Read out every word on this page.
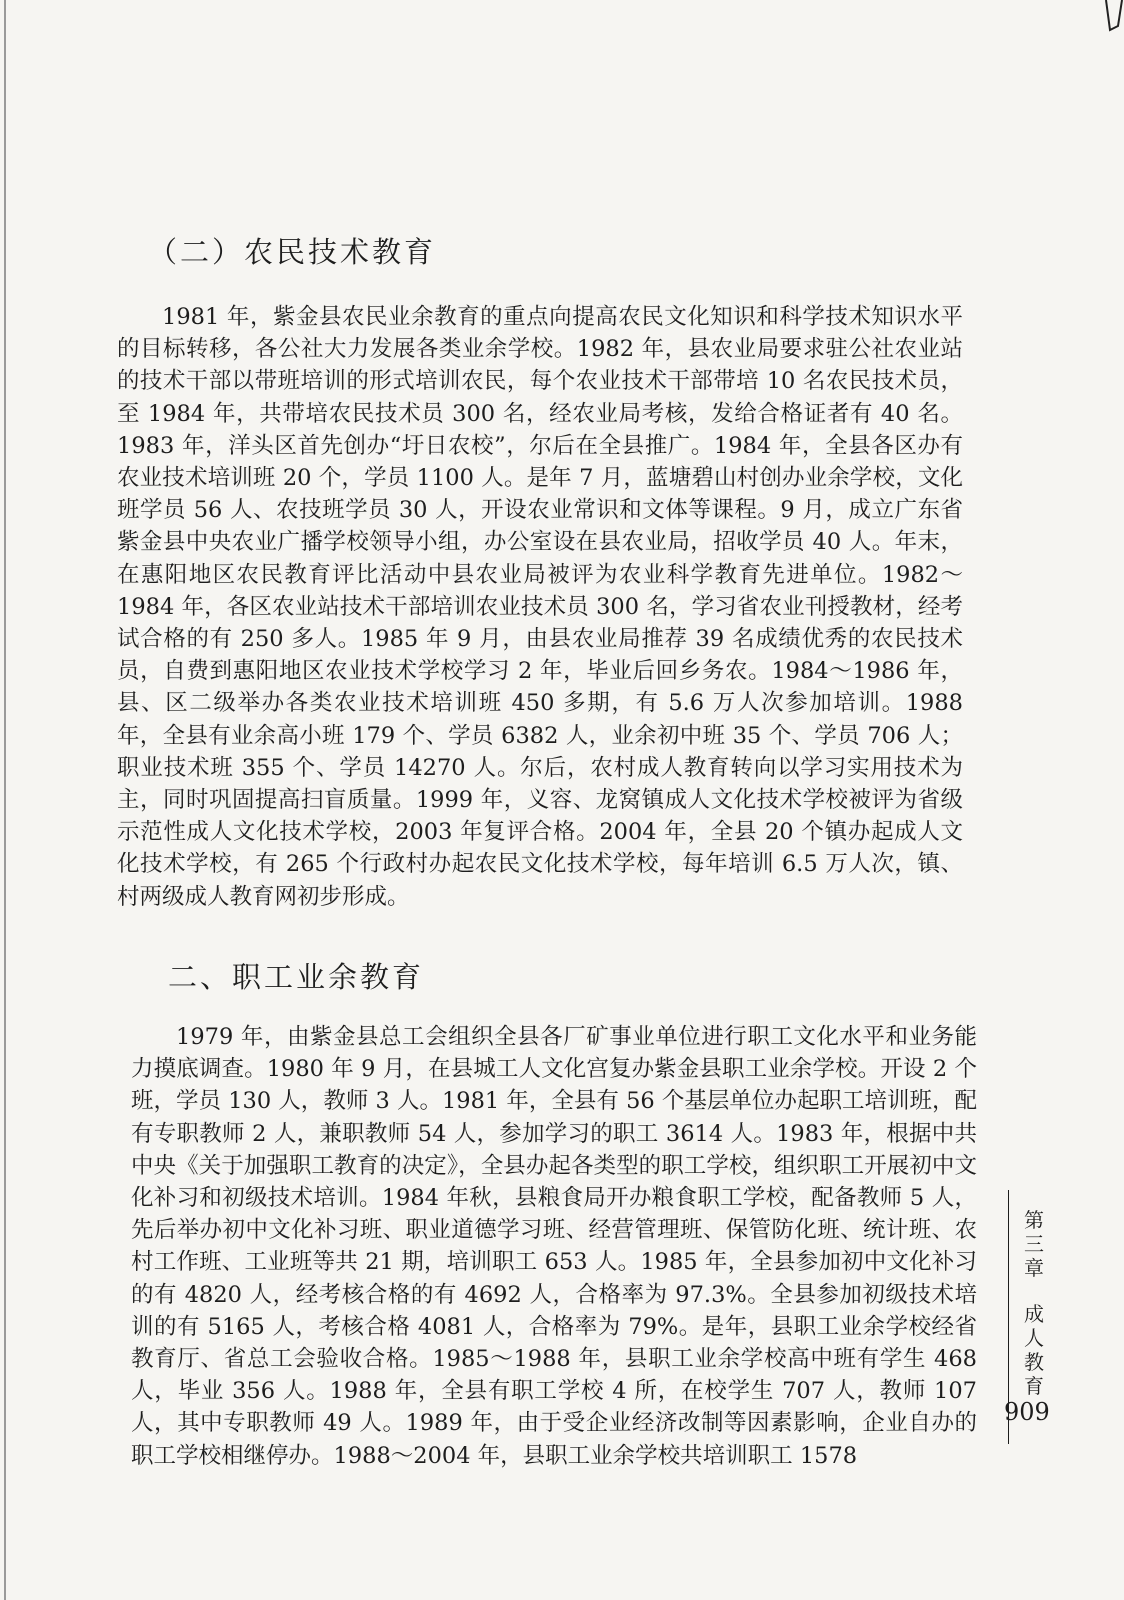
（二）农民技术教育

1981 年，紫金县农民业余教育的重点向提高农民文化知识和科学技术知识水平的目标转移，各公社大力发展各类业余学校。1982 年，县农业局要求驻公社农业站的技术干部以带班培训的形式培训农民，每个农业技术干部带培 10 名农民技术员，至 1984 年，共带培农民技术员 300 名，经农业局考核，发给合格证者有 40 名。1983 年，洋头区首先创办“圩日农校”，尔后在全县推广。1984 年，全县各区办有农业技术培训班 20 个，学员 1100 人。是年 7 月，蓝塘碧山村创办业余学校，文化班学员 56 人、农技班学员 30 人，开设农业常识和文体等课程。9 月，成立广东省紫金县中央农业广播学校领导小组，办公室设在县农业局，招收学员 40 人。年末，在惠阳地区农民教育评比活动中县农业局被评为农业科学教育先进单位。1982～1984 年，各区农业站技术干部培训农业技术员 300 名，学习省农业刊授教材，经考试合格的有 250 多人。1985 年 9 月，由县农业局推荐 39 名成绩优秀的农民技术员，自费到惠阳地区农业技术学校学习 2 年，毕业后回乡务农。1984～1986 年，县、区二级举办各类农业技术培训班 450 多期，有 5.6 万人次参加培训。1988 年，全县有业余高小班 179 个、学员 6382 人，业余初中班 35 个、学员 706 人；职业技术班 355 个、学员 14270 人。尔后，农村成人教育转向以学习实用技术为主，同时巩固提高扫盲质量。1999 年，义容、龙窝镇成人文化技术学校被评为省级示范性成人文化技术学校，2003 年复评合格。2004 年，全县 20 个镇办起成人文化技术学校，有 265 个行政村办起农民文化技术学校，每年培训 6.5 万人次，镇、村两级成人教育网初步形成。

二、职工业余教育

1979 年，由紫金县总工会组织全县各厂矿事业单位进行职工文化水平和业务能力摸底调查。1980 年 9 月，在县城工人文化宫复办紫金县职工业余学校。开设 2 个班，学员 130 人，教师 3 人。1981 年，全县有 56 个基层单位办起职工培训班，配有专职教师 2 人，兼职教师 54 人，参加学习的职工 3614 人。1983 年，根据中共中央《关于加强职工教育的决定》，全县办起各类型的职工学校，组织职工开展初中文化补习和初级技术培训。1984 年秋，县粮食局开办粮食职工学校，配备教师 5 人，先后举办初中文化补习班、职业道德学习班、经营管理班、保管防化班、统计班、农村工作班、工业班等共 21 期，培训职工 653 人。1985 年，全县参加初中文化补习的有 4820 人，经考核合格的有 4692 人，合格率为 97.3%。全县参加初级技术培训的有 5165 人，考核合格 4081 人，合格率为 79%。是年，县职工业余学校经省教育厅、省总工会验收合格。1985～1988 年，县职工业余学校高中班有学生 468 人，毕业 356 人。1988 年，全县有职工学校 4 所，在校学生 707 人，教师 107 人，其中专职教师 49 人。1989 年，由于受企业经济改制等因素影响，企业自办的职工学校相继停办。1988～2004 年，县职工业余学校共培训职工 1578

第
三
章
成
人
教
育
909
